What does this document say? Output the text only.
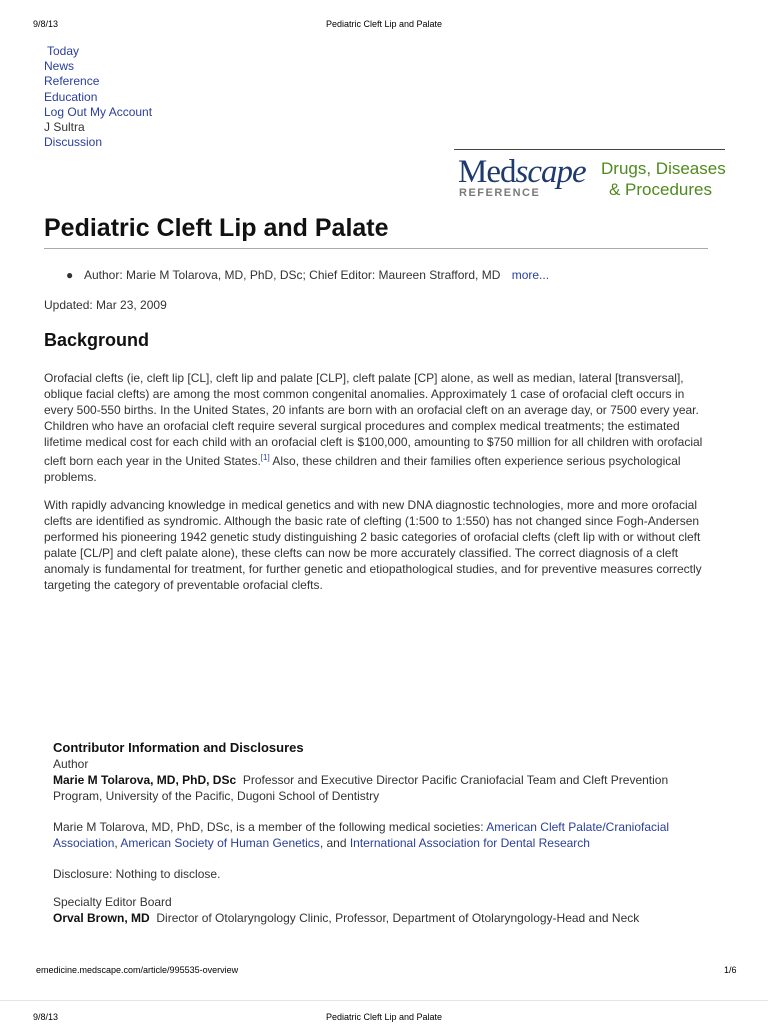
9/8/13	Pediatric Cleft Lip and Palate
Today
News
Reference
Education
Log Out My Account
J Sultra
Discussion
Medscape
REFERENCE
Drugs, Diseases
& Procedures
Pediatric Cleft Lip and Palate
● Author: Marie M Tolarova, MD, PhD, DSc; Chief Editor: Maureen Strafford, MD more...
Updated: Mar 23, 2009
Background

Orofacial clefts (ie, cleft lip [CL], cleft lip and palate [CLP], cleft palate [CP] alone, as well as median, lateral [transversal], oblique facial clefts) are among the most common congenital anomalies. Approximately 1 case of orofacial cleft occurs in every 500-550 births. In the United States, 20 infants are born with an orofacial cleft on an average day, or 7500 every year. Children who have an orofacial cleft require several surgical procedures and complex medical treatments; the estimated lifetime medical cost for each child with an orofacial cleft is $100,000, amounting to $750 million for all children with orofacial cleft born each year in the United States.[1] Also, these children and their families often experience serious psychological problems.

With rapidly advancing knowledge in medical genetics and with new DNA diagnostic technologies, more and more orofacial clefts are identified as syndromic. Although the basic rate of clefting (1:500 to 1:550) has not changed since Fogh-Andersen performed his pioneering 1942 genetic study distinguishing 2 basic categories of orofacial clefts (cleft lip with or without cleft palate [CL/P] and cleft palate alone), these clefts can now be more accurately classified. The correct diagnosis of a cleft anomaly is fundamental for treatment, for further genetic and etiopathological studies, and for preventive measures correctly targeting the category of preventable orofacial clefts.

Contributor Information and Disclosures

Author

Marie M Tolarova, MD, PhD, DSc Professor and Executive Director Pacific Craniofacial Team and Cleft Prevention Program, University of the Pacific, Dugoni School of Dentistry

Marie M Tolarova, MD, PhD, DSc, is a member of the following medical societies: American Cleft Palate/Craniofacial Association, American Society of Human Genetics, and International Association for Dental Research

Disclosure: Nothing to disclose.

Specialty Editor Board

Orval Brown, MD Director of Otolaryngology Clinic, Professor, Department of Otolaryngology-Head and Neck

emedicine.medscape.com/article/995535-overview	1/6
9/8/13	Pediatric Cleft Lip and Palate
